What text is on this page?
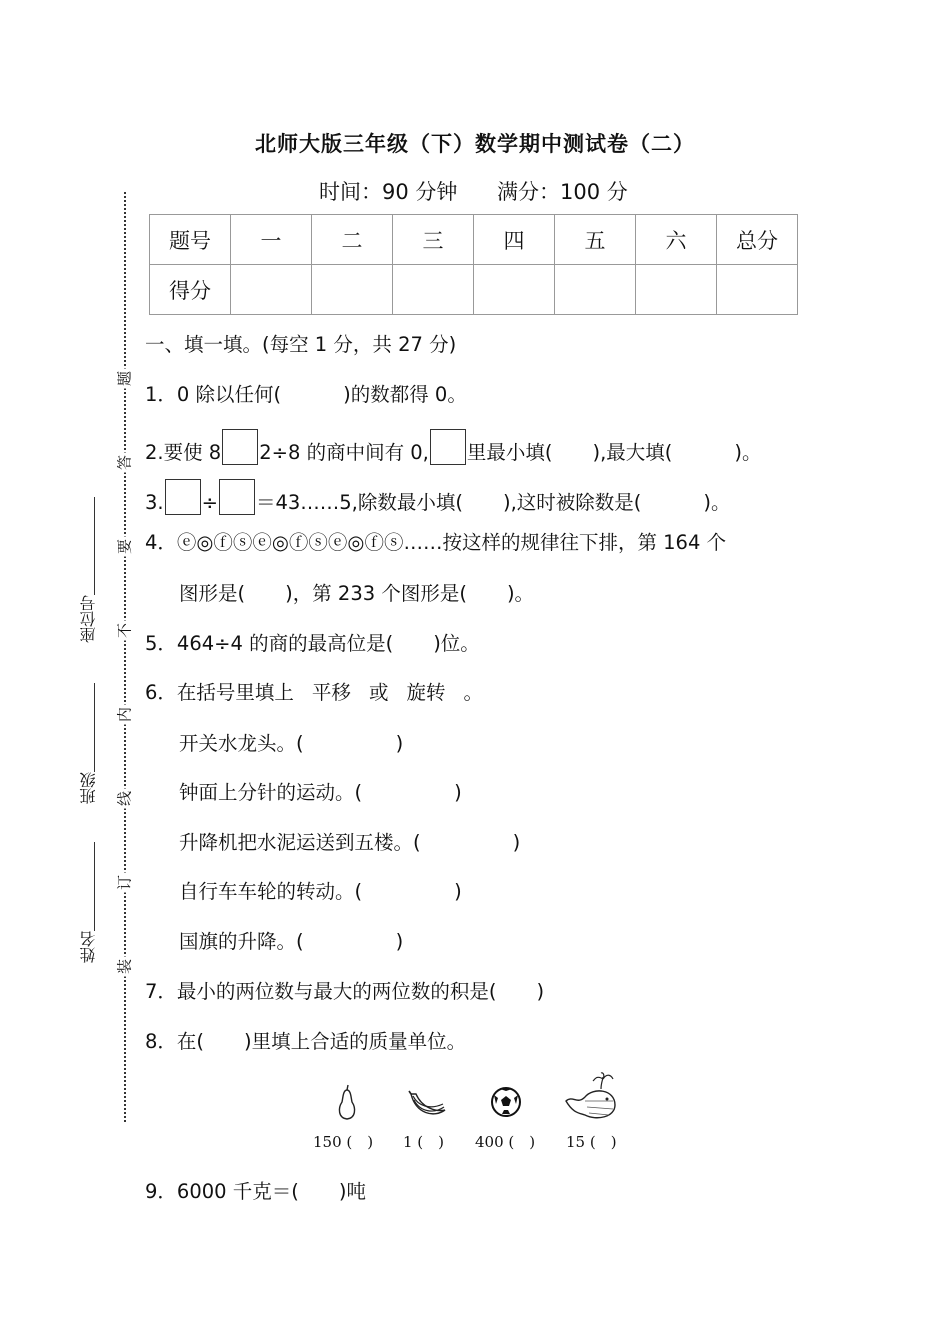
北师大版三年级（下）数学期中测试卷（二）
时间：90 分钟 满分：100 分
题号	一	二	三	四	五	六	总分
得分							
题
答
要
不
内
线
订
装
座位号
班级
姓名
一、填一填。(每空 1 分，共 27 分)
1．0 除以任何(	)的数都得 0。
2.要使 8 2÷8 的商中间有 0, 里最小填( ),最大填(	)。
3. ÷ ＝43……5,除数最小填( ),这时被除数是(	)。
4．ⓔ◎ⓕⓢⓔ◎ⓕⓢⓔ◎ⓕⓢ……按这样的规律往下排，第 164 个
图形是( )，第 233 个图形是( )。
5．464÷4 的商的最高位是( )位。
6．在括号里填上 平移 或 旋转 。
开关水龙头。(	)
钟面上分针的运动。(	)
升降机把水泥运送到五楼。(	)
自行车车轮的转动。(	)
国旗的升降。(	)
7．最小的两位数与最大的两位数的积是( )
8．在( )里填上合适的质量单位。
150 (　) 1 (　) 400 (　) 15 (　)
9．6000 千克＝( )吨
